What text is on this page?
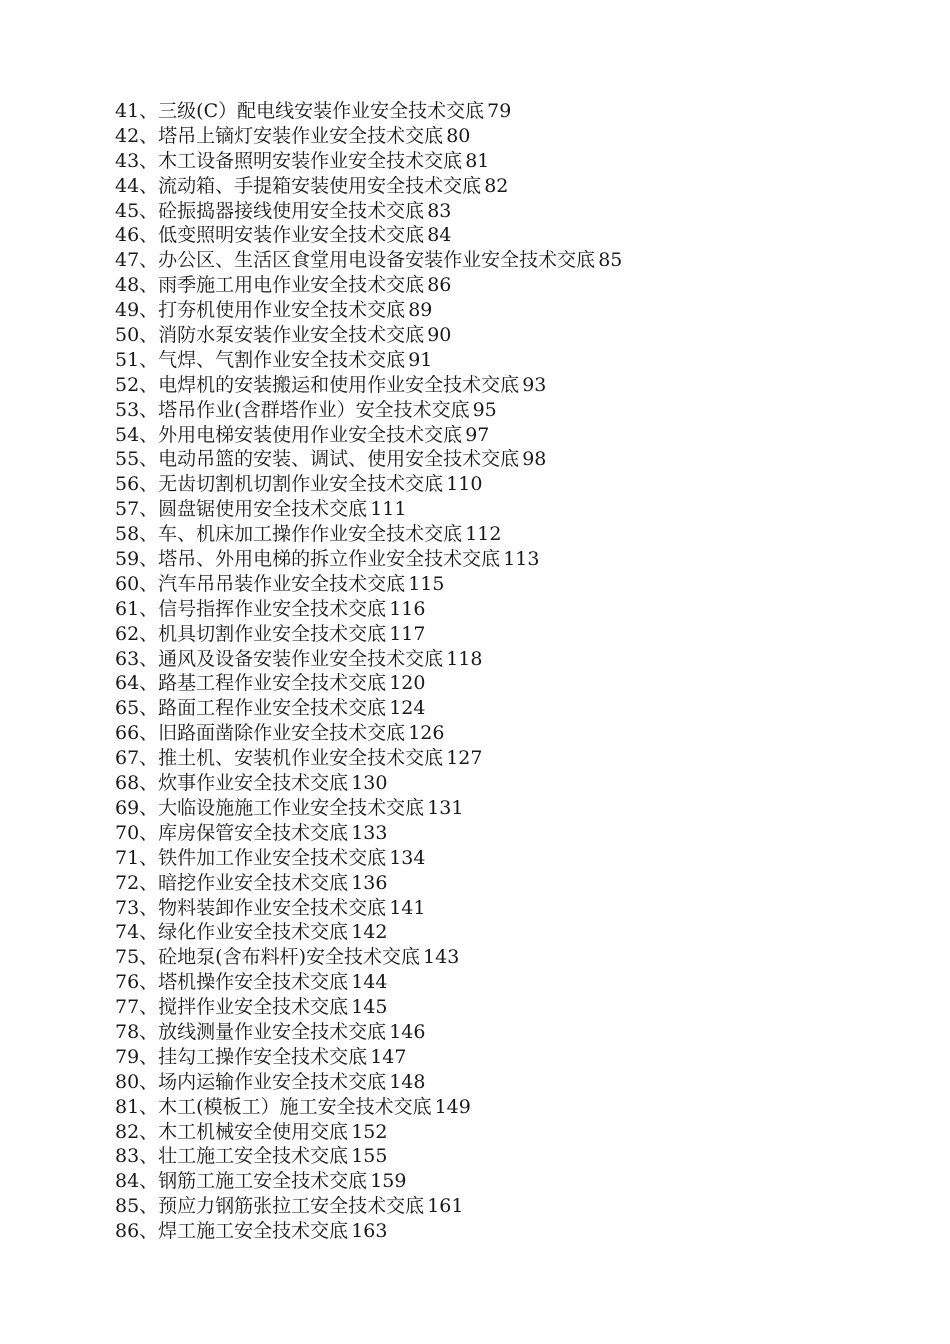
41、三级(C）配电线安装作业安全技术交底 79
42、塔吊上镝灯安装作业安全技术交底 80
43、木工设备照明安装作业安全技术交底 81
44、流动箱、手提箱安装使用安全技术交底 82
45、砼振捣器接线使用安全技术交底 83
46、低变照明安装作业安全技术交底 84
47、办公区、生活区食堂用电设备安装作业安全技术交底 85
48、雨季施工用电作业安全技术交底 86
49、打夯机使用作业安全技术交底 89
50、消防水泵安装作业安全技术交底 90
51、气焊、气割作业安全技术交底 91
52、电焊机的安装搬运和使用作业安全技术交底 93
53、塔吊作业(含群塔作业）安全技术交底 95
54、外用电梯安装使用作业安全技术交底 97
55、电动吊篮的安装、调试、使用安全技术交底 98
56、无齿切割机切割作业安全技术交底 110
57、圆盘锯使用安全技术交底 111
58、车、机床加工操作作业安全技术交底 112
59、塔吊、外用电梯的拆立作业安全技术交底 113
60、汽车吊吊装作业安全技术交底 115
61、信号指挥作业安全技术交底 116
62、机具切割作业安全技术交底 117
63、通风及设备安装作业安全技术交底 118
64、路基工程作业安全技术交底 120
65、路面工程作业安全技术交底 124
66、旧路面凿除作业安全技术交底 126
67、推土机、安装机作业安全技术交底 127
68、炊事作业安全技术交底 130
69、大临设施施工作业安全技术交底 131
70、库房保管安全技术交底 133
71、铁件加工作业安全技术交底 134
72、暗挖作业安全技术交底 136
73、物料装卸作业安全技术交底 141
74、绿化作业安全技术交底 142
75、砼地泵(含布料杆)安全技术交底 143
76、塔机操作安全技术交底 144
77、搅拌作业安全技术交底 145
78、放线测量作业安全技术交底 146
79、挂勾工操作安全技术交底 147
80、场内运输作业安全技术交底 148
81、木工(模板工）施工安全技术交底 149
82、木工机械安全使用交底 152
83、壮工施工安全技术交底 155
84、钢筋工施工安全技术交底 159
85、预应力钢筋张拉工安全技术交底 161
86、焊工施工安全技术交底 163
